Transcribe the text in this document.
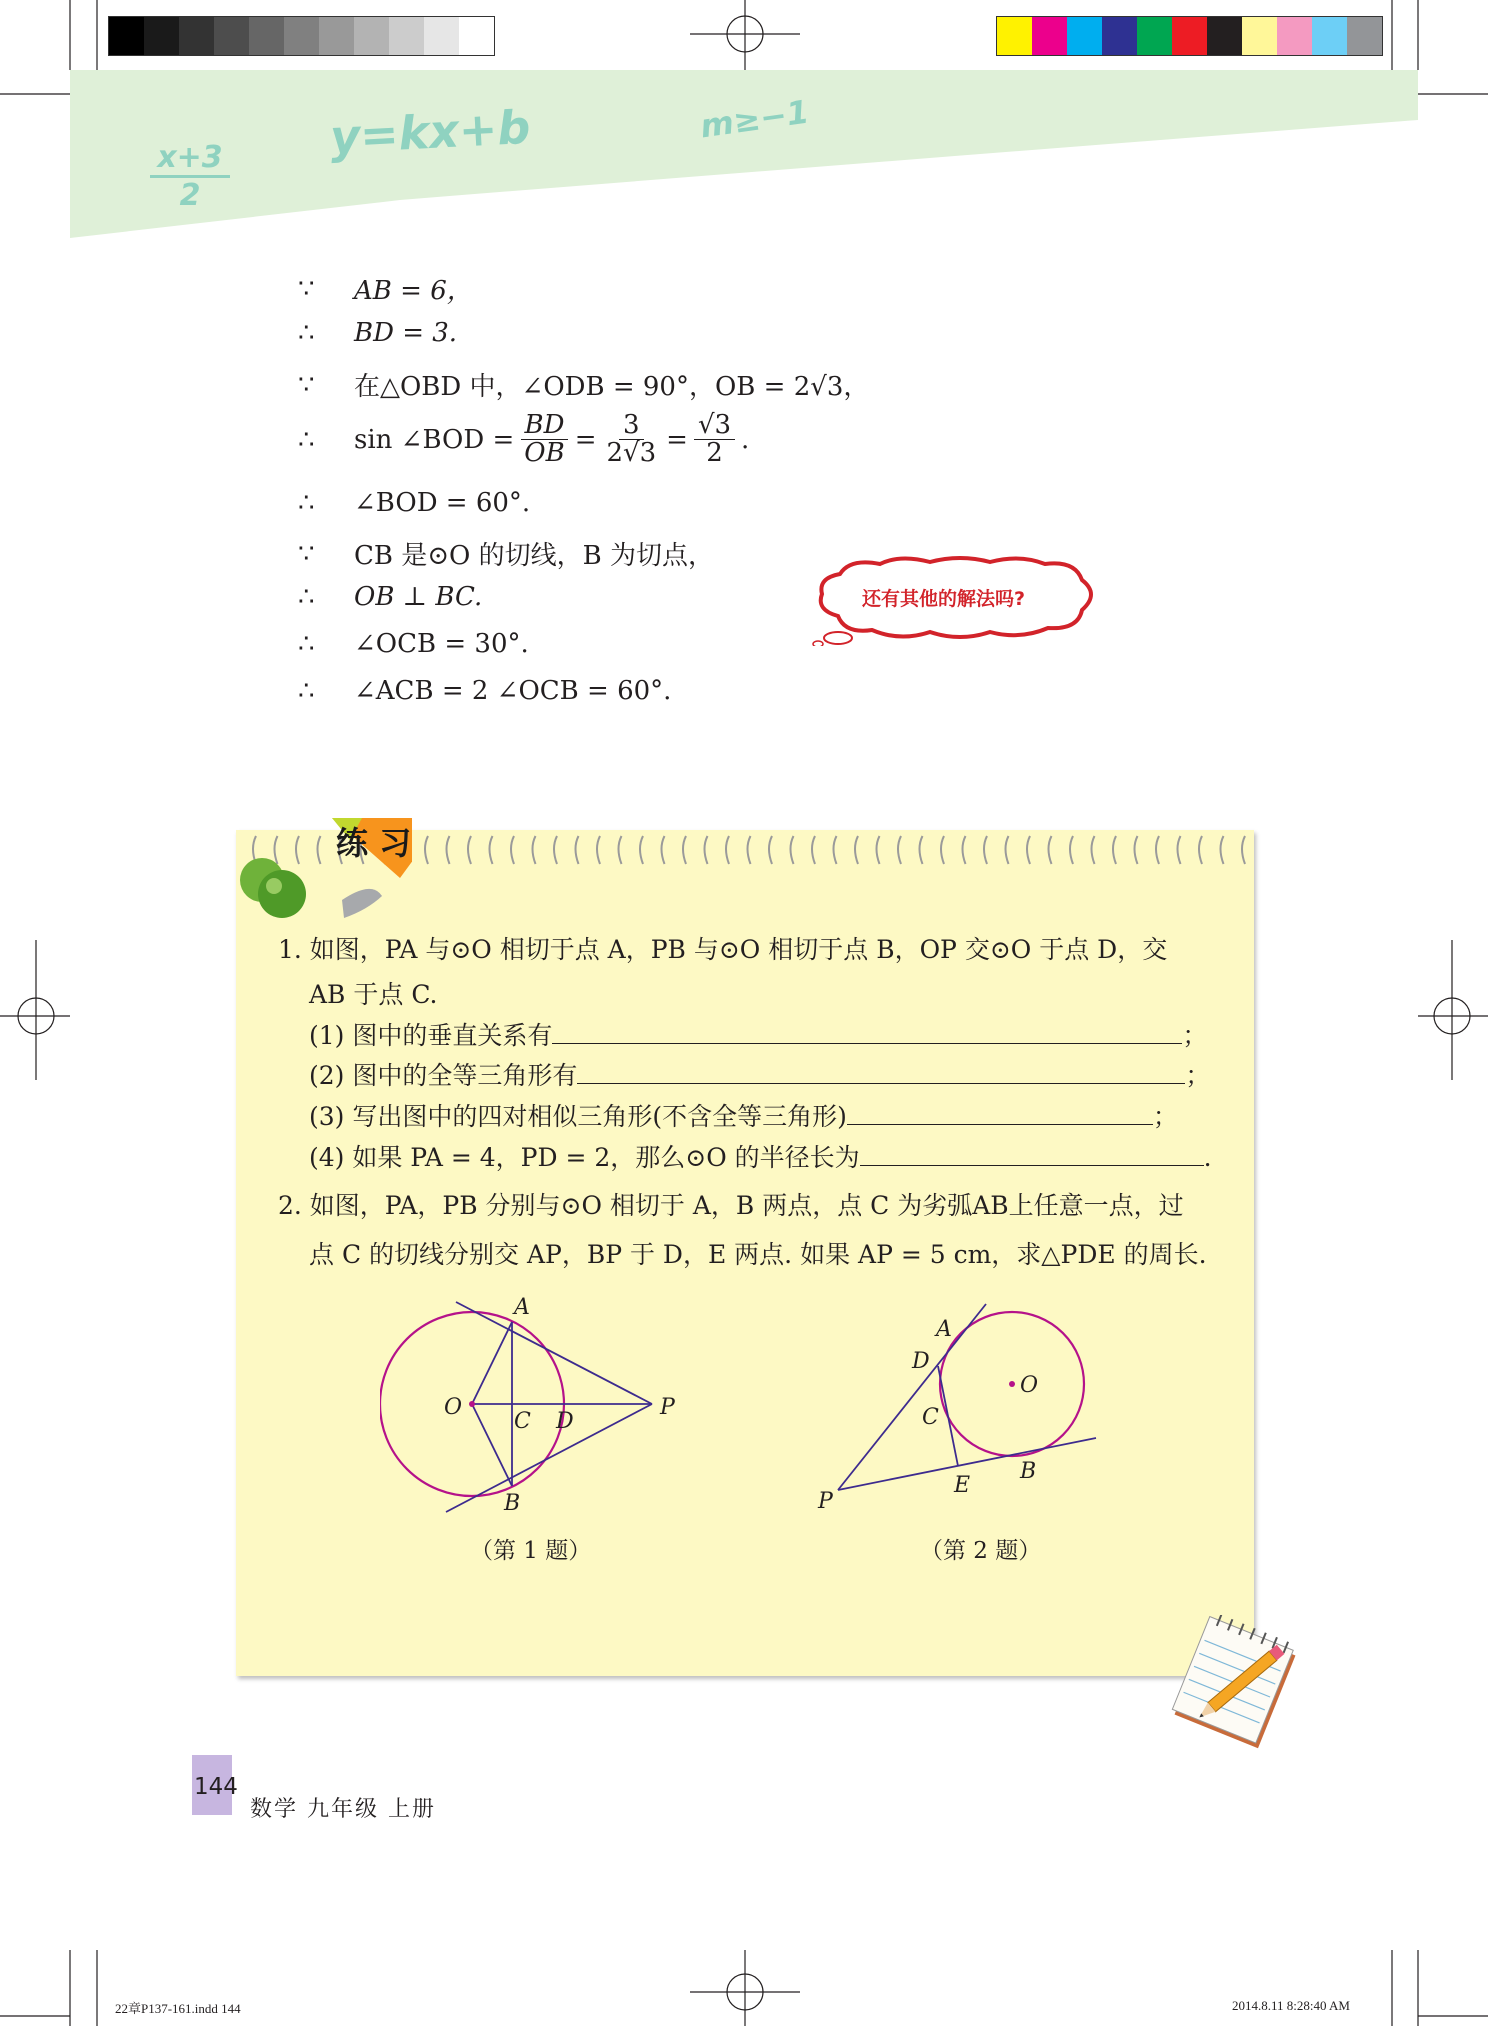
$\frac{x+3}{2}$
y=kx+b	m≥−1
∵	AB = 6，
∴	BD = 3.
∵	在△OBD 中，∠ODB = 90°，OB = 2√3，
∴	sin ∠BOD = $\frac{BD}{OB} = \frac{3}{2√3} = \frac{√3}{2}$ .
∴	∠BOD = 60°.
∵	CB 是⊙O 的切线，B 为切点，
∴	OB ⊥ BC.
∴	∠OCB = 30°.
∴	∠ACB = 2 ∠OCB = 60°.
还有其他的解法吗?
练 习
1. 如图，PA 与⊙O 相切于点 A，PB 与⊙O 相切于点 B，OP 交⊙O 于点 D，交
AB 于点 C.
(1) 图中的垂直关系有	；
(2) 图中的全等三角形有	；
(3) 写出图中的四对相似三角形(不含全等三角形)	；
(4) 如果 PA = 4，PD = 2，那么⊙O 的半径长为	.
2. 如图，PA，PB 分别与⊙O 相切于 A，B 两点，点 C 为劣弧AB上任意一点，过
点 C 的切线分别交 AP，BP 于 D，E 两点. 如果 AP = 5 cm，求△PDE 的周长.
A
O
C D
P
B
（第 1 题）
A
D
O
C
B
E
P
（第 2 题）
144
数学 九年级 上册
22章P137-161.indd 144	2014.8.11 8:28:40 AM
